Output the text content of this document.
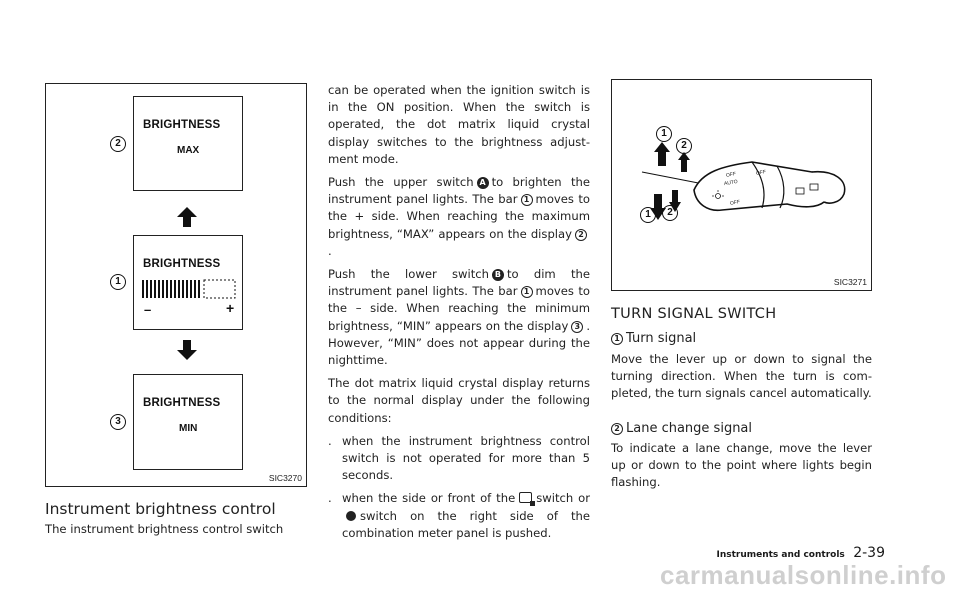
2
BRIGHTNESS
MAX
1
BRIGHTNESS
–	+
3
BRIGHTNESS
MIN
SIC3270
Instrument brightness control
The instrument brightness control switch

can be operated when the ignition switch is in the ON position. When the switch is operated, the dot matrix liquid crystal display switches to the brightness adjustment mode.

Push the upper switch A to brighten the instrument panel lights. The bar 1 moves to the + side. When reaching the maximum brightness, “MAX” appears on the display 2.

Push the lower switch B to dim the instrument panel lights. The bar 1 moves to the – side. When reaching the minimum brightness, “MIN” appears on the display 3 . However, “MIN” does not appear during the nighttime.

The dot matrix liquid crystal display returns to the normal display under the following conditions:

. when the instrument brightness control switch is not operated for more than 5 seconds.

. when the side or front of the switch orswitch on the right side of the combination meter panel is pushed.

OFF
AUTO
OFF
OFF
1
2
1	2
SIC3271
TURN SIGNAL SWITCH
1 Turn signal
Move the lever up or down to signal the turning direction. When the turn is completed, the turn signals cancel automatically.
2 Lane change signal
To indicate a lane change, move the lever up or down to the point where lights begin flashing.
Instruments and controls 2-39
carmanualsonline.info
